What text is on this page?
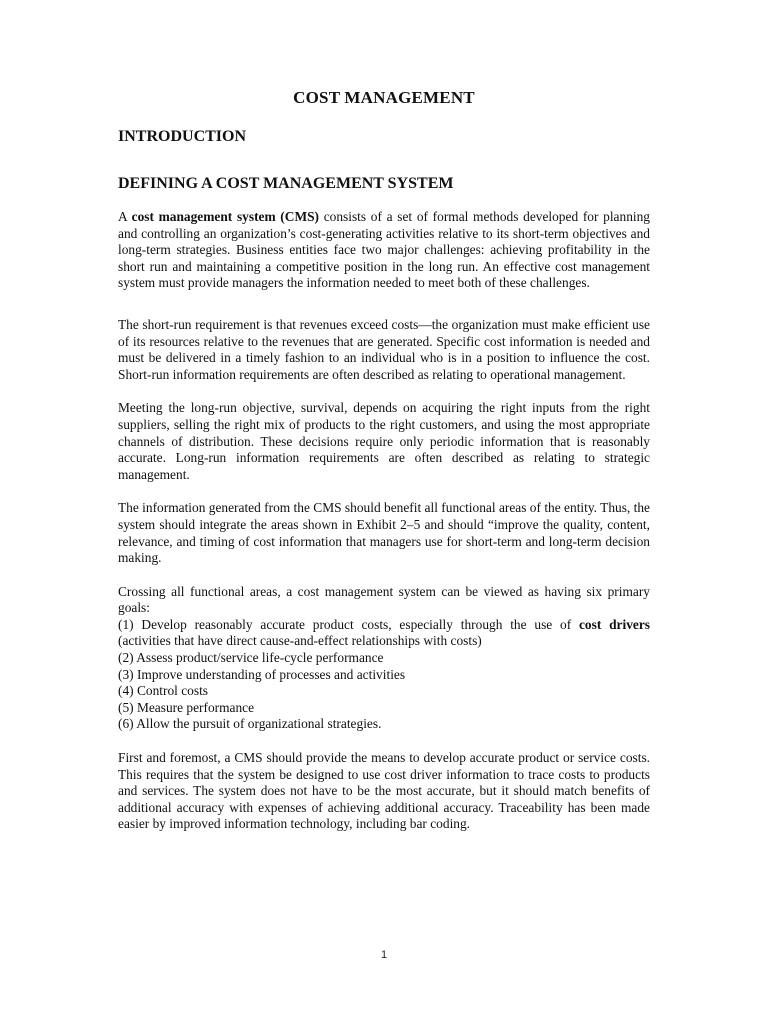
COST MANAGEMENT
INTRODUCTION
DEFINING A COST MANAGEMENT SYSTEM

A cost management system (CMS) consists of a set of formal methods developed for planning and controlling an organization’s cost-generating activities relative to its short-term objectives and long-term strategies. Business entities face two major challenges: achieving profitability in the short run and maintaining a competitive position in the long run. An effective cost management system must provide managers the information needed to meet both of these challenges.

The short-run requirement is that revenues exceed costs—the organization must make efficient use of its resources relative to the revenues that are generated. Specific cost information is needed and must be delivered in a timely fashion to an individual who is in a position to influence the cost. Short-run information requirements are often described as relating to operational management.

Meeting the long-run objective, survival, depends on acquiring the right inputs from the right suppliers, selling the right mix of products to the right customers, and using the most appropriate channels of distribution. These decisions require only periodic information that is reasonably accurate. Long-run information requirements are often described as relating to strategic management.

The information generated from the CMS should benefit all functional areas of the entity. Thus, the system should integrate the areas shown in Exhibit 2–5 and should “improve the quality, content, relevance, and timing of cost information that managers use for short-term and long-term decision making.

Crossing all functional areas, a cost management system can be viewed as having six primary goals:
(1) Develop reasonably accurate product costs, especially through the use of cost drivers
(activities that have direct cause-and-effect relationships with costs)
(2) Assess product/service life-cycle performance
(3) Improve understanding of processes and activities
(4) Control costs
(5) Measure performance
(6) Allow the pursuit of organizational strategies.

First and foremost, a CMS should provide the means to develop accurate product or service costs. This requires that the system be designed to use cost driver information to trace costs to products and services. The system does not have to be the most accurate, but it should match benefits of additional accuracy with expenses of achieving additional accuracy. Traceability has been made easier by improved information technology, including bar coding.

1
